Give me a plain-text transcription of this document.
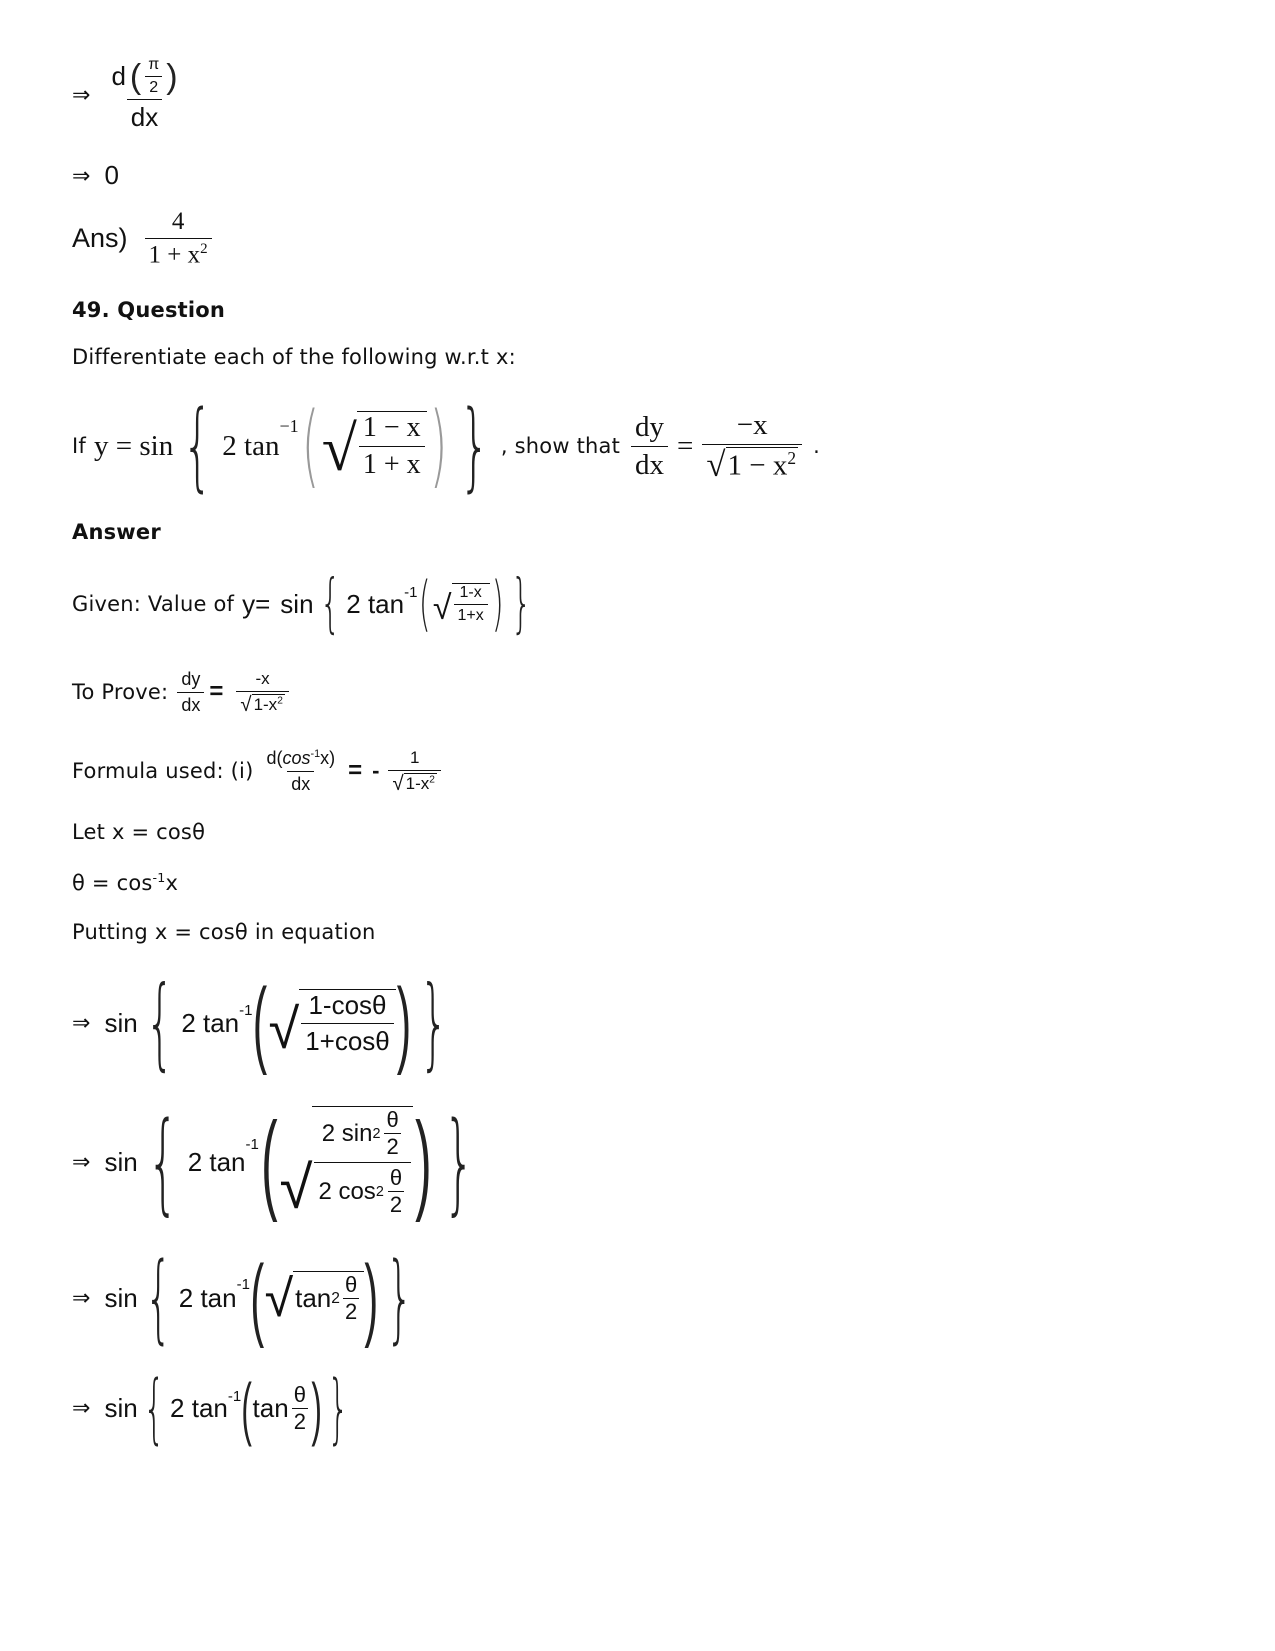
⇒ $\frac{d ( \frac{\pi}{2} )}{dx}$
⇒ 0
$Ans) \frac{4}{1 + x^2}$
49. Question
Differentiate each of the following w.r.t x:
If y = sin { 2 tan
−1 ( √ $\frac{1 - x}{1 + x}$ ) } , show that $\frac{dy}{dx} = \frac{-x}{√ 1 - x^2}$ .
Answer
Given: Value of y= sin { 2 tan -1 ( √ $\frac{1-x}{1+x}$ ) }
To Prove: $\frac{dy}{dx} = \frac{-x}{√ 1-x^2}$
Formula used: $(i) \frac{d(\cos^{-1}x)}{dx}$ = - $\frac{1}{√ 1-x^2}$
Let x = cosθ
$\theta = \cos^{-1}x$
Putting x = cosθ in equation
⇒ sin { 2 tan -1 ( √ $\frac{1-\cos\theta}{1+\cos\theta}$ ) }
⇒ sin { 2 tan
-1 ( √ $\frac{2 \sin 2 \frac{\theta}{2}}{2 \cos 2 \frac{\theta}{2}}$ ) }
⇒ sin { 2 tan -1 ( √ $\tan 2 \frac{\theta}{2}$ ) }
⇒ sin { 2 tan -1 ( $\tan \frac{\theta}{2}$ ) }
